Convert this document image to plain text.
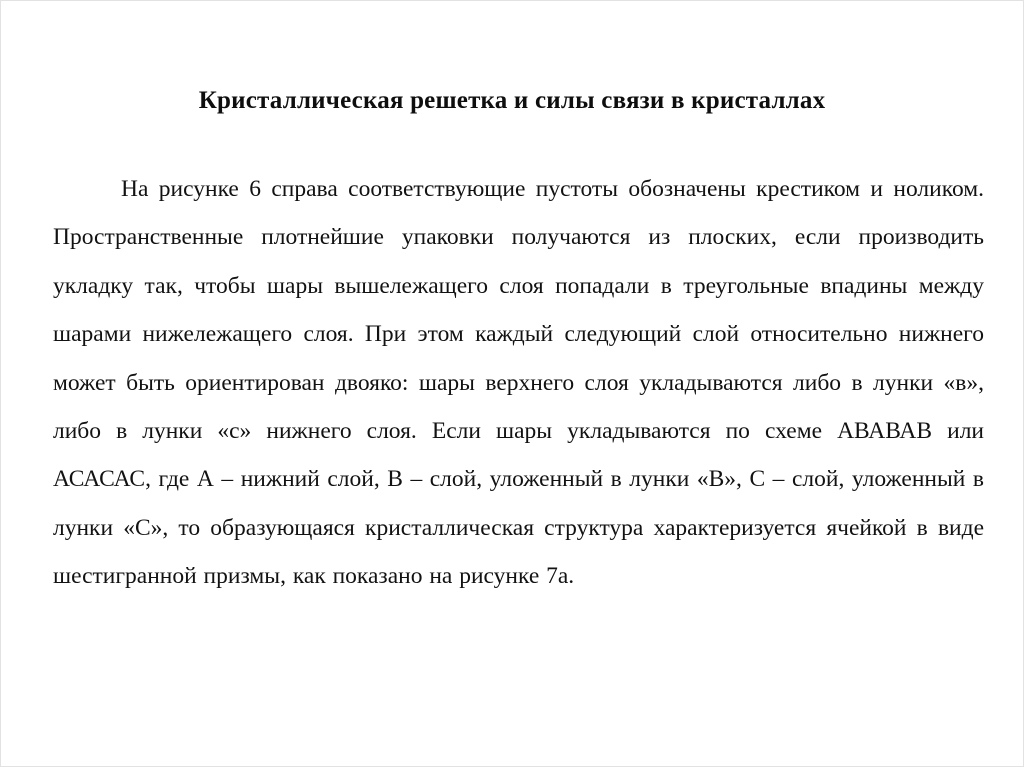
Кристаллическая решетка и силы связи в кристаллах

На рисунке 6 справа соответствующие пустоты обозначены крестиком и ноликом. Пространственные плотнейшие упаковки получаются из плоских, если производить укладку так, чтобы шары вышележащего слоя попадали в треугольные впадины между шарами нижележащего слоя. При этом каждый следующий слой относительно нижнего может быть ориентирован двояко: шары верхнего слоя укладываются либо в лунки «в», либо в лунки «с» нижнего слоя. Если шары укладываются по схеме АВАВАВ или АСАСАС, где А – нижний слой, В – слой, уложенный в лунки «В», С – слой, уложенный в лунки «С», то образующаяся кристаллическая структура характеризуется ячейкой в виде шестигранной призмы, как показано на рисунке 7а.
